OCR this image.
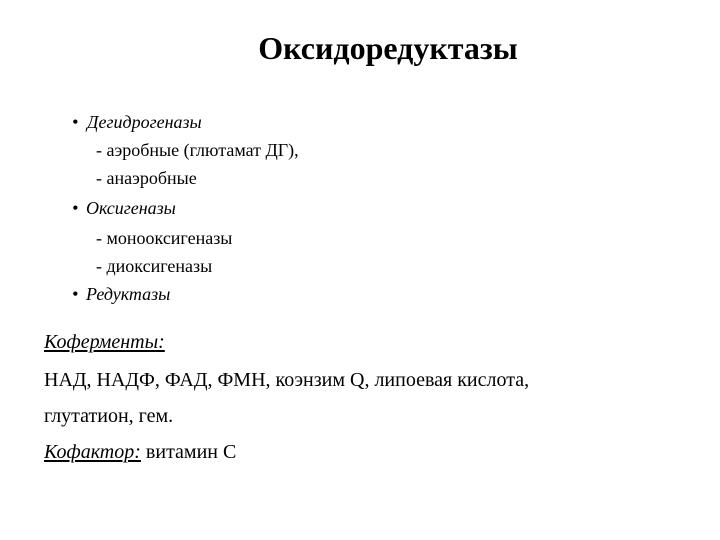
Оксидоредуктазы
• Дегидрогеназы
- аэробные (глютамат ДГ),
- анаэробные
• Оксигеназы
- монооксигеназы
- диоксигеназы
• Редуктазы
Коферменты:
НАД, НАДФ, ФАД, ФМН, коэнзим Q, липоевая кислота,
глутатион, гем.
Кофактор: витамин С
